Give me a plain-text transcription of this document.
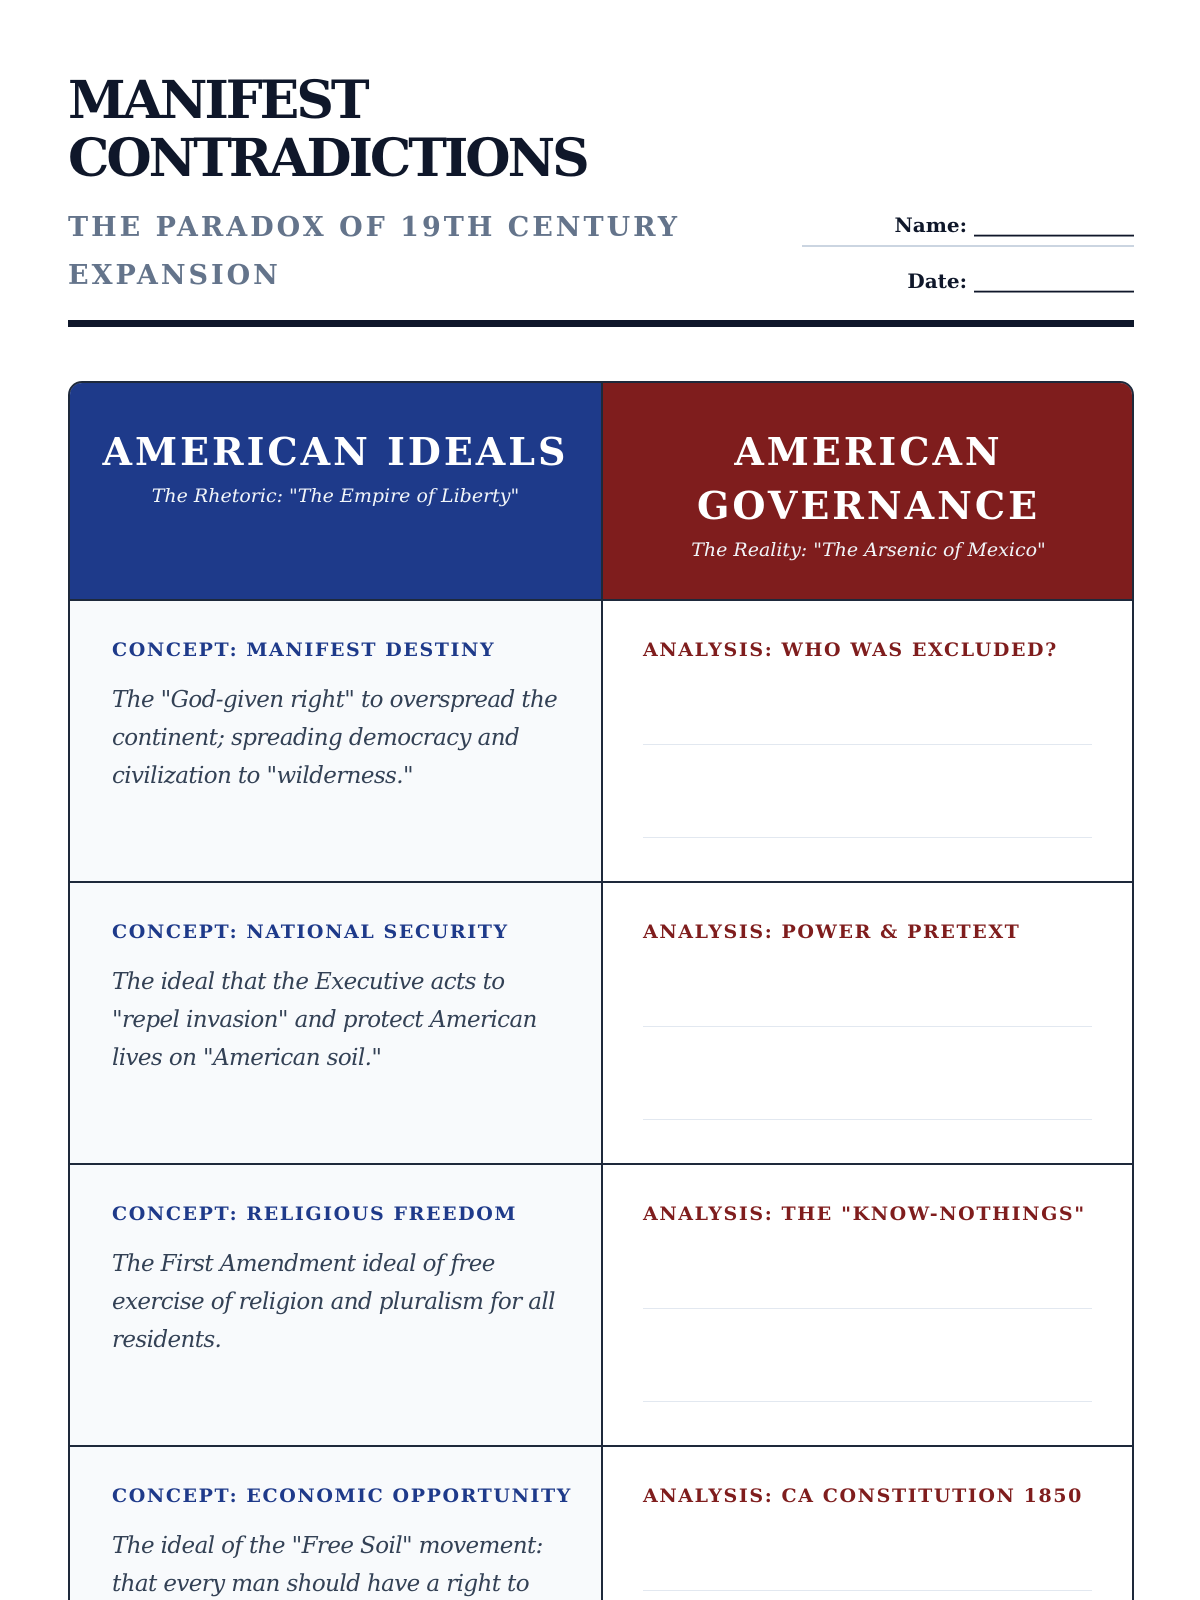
MANIFEST
CONTRADICTIONS
THE PARADOX OF 19TH CENTURY EXPANSION
Name: ________________
Date: ________________
AMERICAN IDEALS
The Rhetoric: "The Empire of Liberty"
AMERICAN GOVERNANCE
The Reality: "The Arsenic of Mexico"
CONCEPT: MANIFEST DESTINY
The "God-given right" to overspread the continent; spreading democracy and civilization to "wilderness."
ANALYSIS: WHO WAS EXCLUDED?
CONCEPT: NATIONAL SECURITY
The ideal that the Executive acts to "repel invasion" and protect American lives on "American soil."
ANALYSIS: POWER & PRETEXT
CONCEPT: RELIGIOUS FREEDOM
The First Amendment ideal of free exercise of religion and pluralism for all residents.
ANALYSIS: THE "KNOW-NOTHINGS"
CONCEPT: ECONOMIC OPPORTUNITY
The ideal of the "Free Soil" movement: that every man should have a right to
ANALYSIS: CA CONSTITUTION 1850
